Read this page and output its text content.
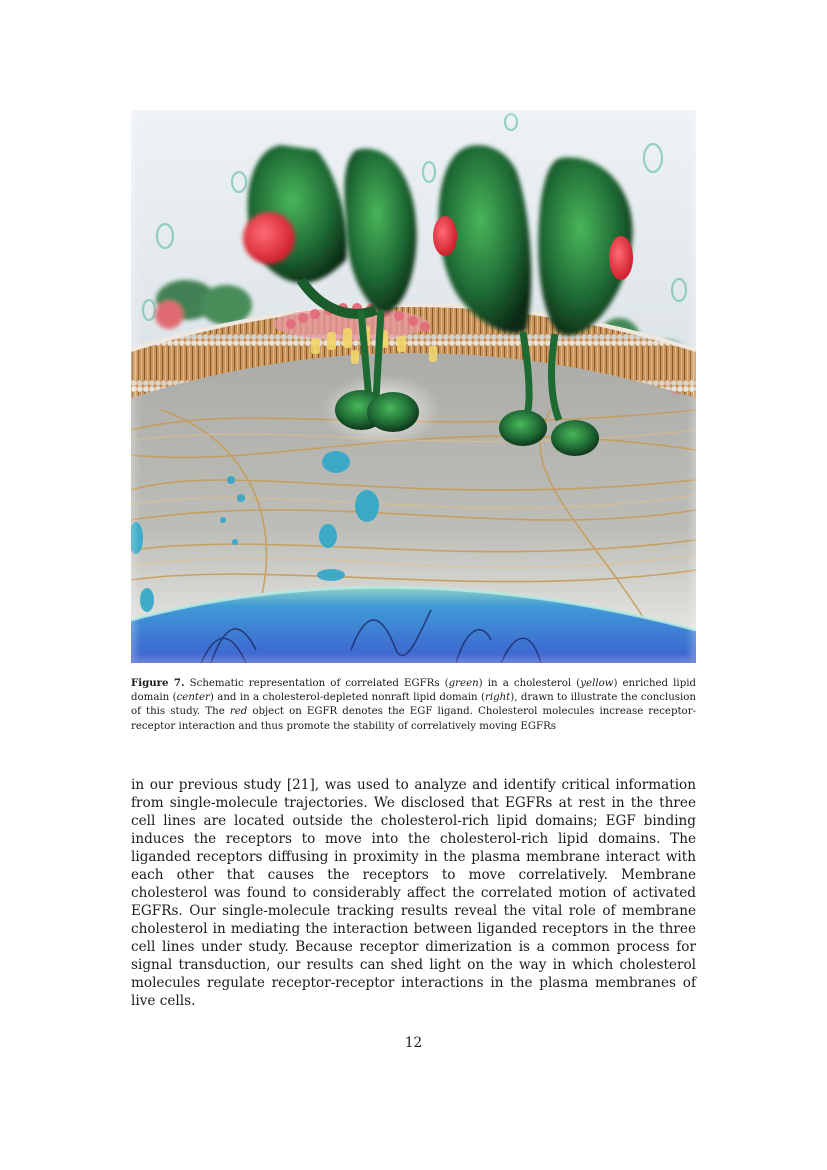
Figure 7. Schematic representation of correlated EGFRs (green) in a cholesterol (yellow) enriched lipid domain (center) and in a cholesterol-depleted nonraft lipid domain (right), drawn to illustrate the conclusion of this study. The red object on EGFR denotes the EGF ligand. Cholesterol molecules increase receptor-receptor interaction and thus promote the stability of correlatively moving EGFRs

in our previous study [21], was used to analyze and identify critical information from single-molecule trajectories. We disclosed that EGFRs at rest in the three cell lines are located outside the cholesterol-rich lipid domains; EGF binding induces the receptors to move into the cholesterol-rich lipid domains. The liganded receptors diffusing in proximity in the plasma membrane interact with each other that causes the receptors to move correlatively. Membrane cholesterol was found to considerably affect the correlated motion of activated EGFRs. Our single-molecule tracking results reveal the vital role of membrane cholesterol in mediating the interaction between liganded receptors in the three cell lines under study. Because receptor dimerization is a common process for signal transduction, our results can shed light on the way in which cholesterol molecules regulate receptor-receptor interactions in the plasma membranes of live cells.

12
